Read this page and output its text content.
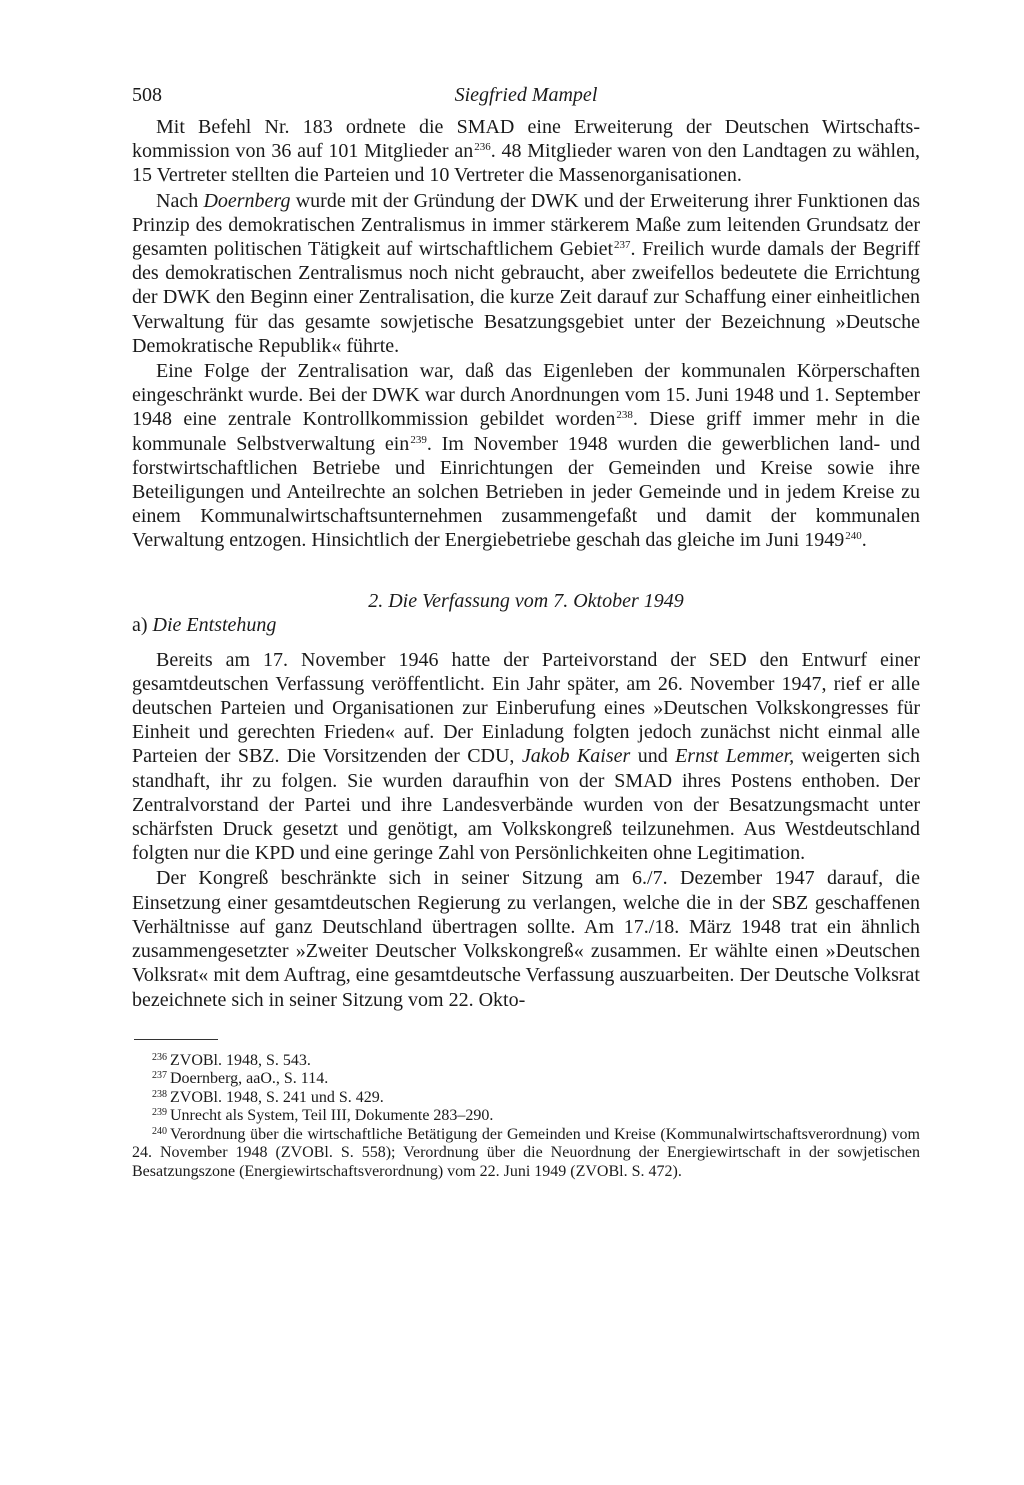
508	Siegfried Mampel

Mit Befehl Nr. 183 ordnete die SMAD eine Erweiterung der Deutschen Wirtschaftskommission von 36 auf 101 Mitglieder an$^{236}$. 48 Mitglieder waren von den Landtagen zu wählen, 15 Vertreter stellten die Parteien und 10 Vertreter die Massenorganisationen.

Nach Doernberg wurde mit der Gründung der DWK und der Erweiterung ihrer Funktionen das Prinzip des demokratischen Zentralismus in immer stärkerem Maße zum leitenden Grundsatz der gesamten politischen Tätigkeit auf wirtschaftlichem Gebiet$^{237}$. Freilich wurde damals der Begriff des demokratischen Zentralismus noch nicht gebraucht, aber zweifellos bedeutete die Errichtung der DWK den Beginn einer Zentralisation, die kurze Zeit darauf zur Schaffung einer einheitlichen Verwaltung für das gesamte sowjetische Besatzungsgebiet unter der Bezeichnung »Deutsche Demokratische Republik« führte.

Eine Folge der Zentralisation war, daß das Eigenleben der kommunalen Körperschaften eingeschränkt wurde. Bei der DWK war durch Anordnungen vom 15. Juni 1948 und 1. September 1948 eine zentrale Kontrollkommission gebildet worden$^{238}$. Diese griff immer mehr in die kommunale Selbstverwaltung ein$^{239}$. Im November 1948 wurden die gewerblichen land- und forstwirtschaftlichen Betriebe und Einrichtungen der Gemeinden und Kreise sowie ihre Beteiligungen und Anteilrechte an solchen Betrieben in jeder Gemeinde und in jedem Kreise zu einem Kommunalwirtschaftsunternehmen zusammengefaßt und damit der kommunalen Verwaltung entzogen. Hinsichtlich der Energiebetriebe geschah das gleiche im Juni 1949$^{240}$.

2. Die Verfassung vom 7. Oktober 1949
a) Die Entstehung

Bereits am 17. November 1946 hatte der Parteivorstand der SED den Entwurf einer gesamtdeutschen Verfassung veröffentlicht. Ein Jahr später, am 26. November 1947, rief er alle deutschen Parteien und Organisationen zur Einberufung eines »Deutschen Volkskongresses für Einheit und gerechten Frieden« auf. Der Einladung folgten jedoch zunächst nicht einmal alle Parteien der SBZ. Die Vorsitzenden der CDU, Jakob Kaiser und Ernst Lemmer, weigerten sich standhaft, ihr zu folgen. Sie wurden daraufhin von der SMAD ihres Postens enthoben. Der Zentralvorstand der Partei und ihre Landesverbände wurden von der Besatzungsmacht unter schärfsten Druck gesetzt und genötigt, am Volkskongreß teilzunehmen. Aus Westdeutschland folgten nur die KPD und eine geringe Zahl von Persönlichkeiten ohne Legitimation.

Der Kongreß beschränkte sich in seiner Sitzung am 6./7. Dezember 1947 darauf, die Einsetzung einer gesamtdeutschen Regierung zu verlangen, welche die in der SBZ geschaffenen Verhältnisse auf ganz Deutschland übertragen sollte. Am 17./18. März 1948 trat ein ähnlich zusammengesetzter »Zweiter Deutscher Volkskongreß« zusammen. Er wählte einen »Deutschen Volksrat« mit dem Auftrag, eine gesamtdeutsche Verfassung auszuarbeiten. Der Deutsche Volksrat bezeichnete sich in seiner Sitzung vom 22. Okto-

$^{236}$ ZVOBl. 1948, S. 543.

$^{237}$ Doernberg, aaO., S. 114.

$^{238}$ ZVOBl. 1948, S. 241 und S. 429.

$^{239}$ Unrecht als System, Teil III, Dokumente 283–290.

$^{240}$ Verordnung über die wirtschaftliche Betätigung der Gemeinden und Kreise (Kommunalwirtschaftsverordnung) vom 24. November 1948 (ZVOBl. S. 558); Verordnung über die Neuordnung der Energiewirtschaft in der sowjetischen Besatzungszone (Energiewirtschaftsverordnung) vom 22. Juni 1949 (ZVOBl. S. 472).
